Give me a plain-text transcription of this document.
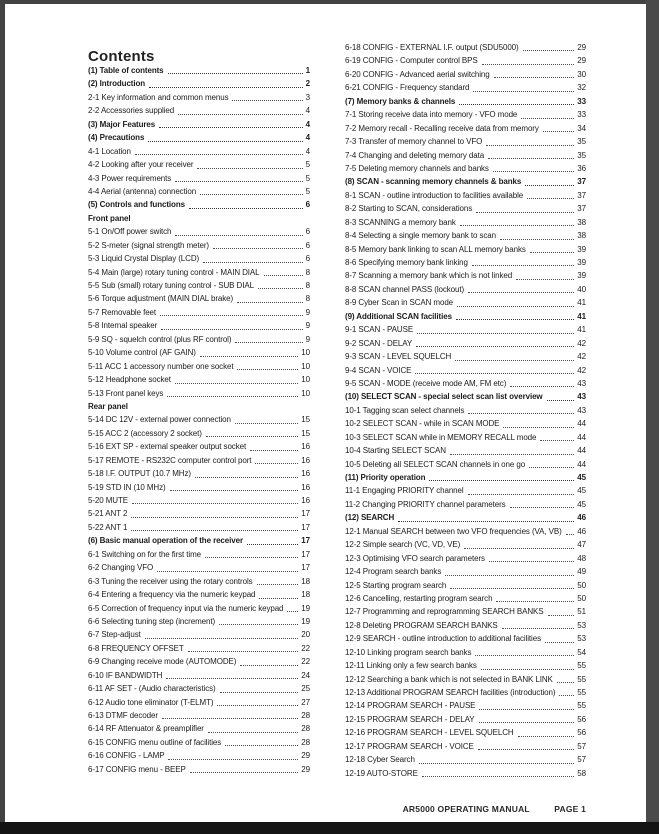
Contents
(1) Table of contents	1
(2) Introduction	2
2-1 Key information and common menus	3
2-2 Accessories supplied	4
(3) Major Features	4
(4) Precautions	4
4-1 Location	4
4-2 Looking after your receiver	5
4-3 Power requirements	5
4-4 Aerial (antenna) connection	5
(5) Controls and functions	6
Front panel
5-1 On/Off power switch	6
5-2 S-meter (signal strength meter)	6
5-3 Liquid Crystal Display (LCD)	6
5-4 Main (large) rotary tuning control - MAIN DIAL	8
5-5 Sub (small) rotary tuning control - SUB DIAL	8
5-6 Torque adjustment (MAIN DIAL brake)	8
5-7 Removable feet	9
5-8 Internal speaker	9
5-9 SQ - squelch control (plus RF control)	9
5-10 Volume control (AF GAIN)	10
5-11 ACC 1 accessory number one socket	10
5-12 Headphone socket	10
5-13 Front panel keys	10
Rear panel
5-14 DC 12V - external power connection	15
5-15 ACC 2 (accessory 2 socket)	15
5-16 EXT SP - external speaker output socket	16
5-17 REMOTE - RS232C computer control port	16
5-18 I.F. OUTPUT (10.7 MHz)	16
5-19 STD IN (10 MHz)	16
5-20 MUTE	16
5-21 ANT 2	17
5-22 ANT 1	17
(6) Basic manual operation of the receiver	17
6-1 Switching on for the first time	17
6-2 Changing VFO	17
6-3 Tuning the receiver using the rotary controls	18
6-4 Entering a frequency via the numeric keypad	18
6-5 Correction of frequency input via the numeric keypad 19
6-6 Selecting tuning step (increment)	19
6-7 Step-adjust	20
6-8 FREQUENCY OFFSET	22
6-9 Changing receive mode (AUTOMODE)	22
6-10 IF BANDWIDTH	24
6-11 AF SET - (Audio characteristics)	25
6-12 Audio tone eliminator (T-ELMT)	27
6-13 DTMF decoder	28
6-14 RF Attenuator & preamplifier	28
6-15 CONFIG menu outline of facilities	28
6-16 CONFIG - LAMP	29
6-17 CONFIG menu - BEEP	29
6-18 CONFIG - EXTERNAL I.F. output (SDU5000)	29
6-19 CONFIG - Computer control BPS	29
6-20 CONFIG - Advanced aerial switching	30
6-21 CONFIG - Frequency standard	32
(7) Memory banks & channels	33
7-1 Storing receive data into memory - VFO mode	33
7-2 Memory recall - Recalling receive data from memory	34
7-3 Transfer of memory channel to VFO	35
7-4 Changing and deleting memory data	35
7-5 Deleting memory channels and banks	36
(8) SCAN - scanning memory channels & banks	37
8-1 SCAN - outline introduction to facilities available	37
8-2 Starting to SCAN, considerations	37
8-3 SCANNING a memory bank	38
8-4 Selecting a single memory bank to scan	38
8-5 Memory bank linking to scan ALL memory banks	39
8-6 Specifying memory bank linking	39
8-7 Scanning a memory bank which is not linked	39
8-8 SCAN channel PASS (lockout)	40
8-9 Cyber Scan in SCAN mode	41
(9) Additional SCAN facilities	41
9-1 SCAN - PAUSE	41
9-2 SCAN - DELAY	42
9-3 SCAN - LEVEL SQUELCH	42
9-4 SCAN - VOICE	42
9-5 SCAN - MODE (receive mode AM, FM etc)	43
(10) SELECT SCAN - special select scan list overview	43
10-1 Tagging scan select channels	43
10-2 SELECT SCAN - while in SCAN MODE	44
10-3 SELECT SCAN while in MEMORY RECALL mode	44
10-4 Starting SELECT SCAN	44
10-5 Deleting all SELECT SCAN channels in one go	44
(11) Priority operation	45
11-1 Engaging PRIORITY channel	45
11-2 Changing PRIORITY channel parameters	45
(12) SEARCH	46
12-1 Manual SEARCH between two VFO frequencies (VA, VB) 46
12-2 Simple search (VC, VD, VE)	47
12-3 Optimising VFO search parameters	48
12-4 Program search banks	49
12-5 Starting program search	50
12-6 Cancelling, restarting program search	50
12-7 Programming and reprogramming SEARCH BANKS	51
12-8 Deleting PROGRAM SEARCH BANKS	53
12-9 SEARCH - outline introduction to additional facilities	53
12-10 Linking program search banks	54
12-11 Linking only a few search banks	55
12-12 Searching a bank which is not selected in BANK LINK	55
12-13 Additional PROGRAM SEARCH facilities (introduction)	55
12-14 PROGRAM SEARCH - PAUSE	55
12-15 PROGRAM SEARCH - DELAY	56
12-16 PROGRAM SEARCH - LEVEL SQUELCH	56
12-17 PROGRAM SEARCH - VOICE	57
12-18 Cyber Search	57
12-19 AUTO-STORE	58
AR5000 OPERATING MANUAL	PAGE 1
